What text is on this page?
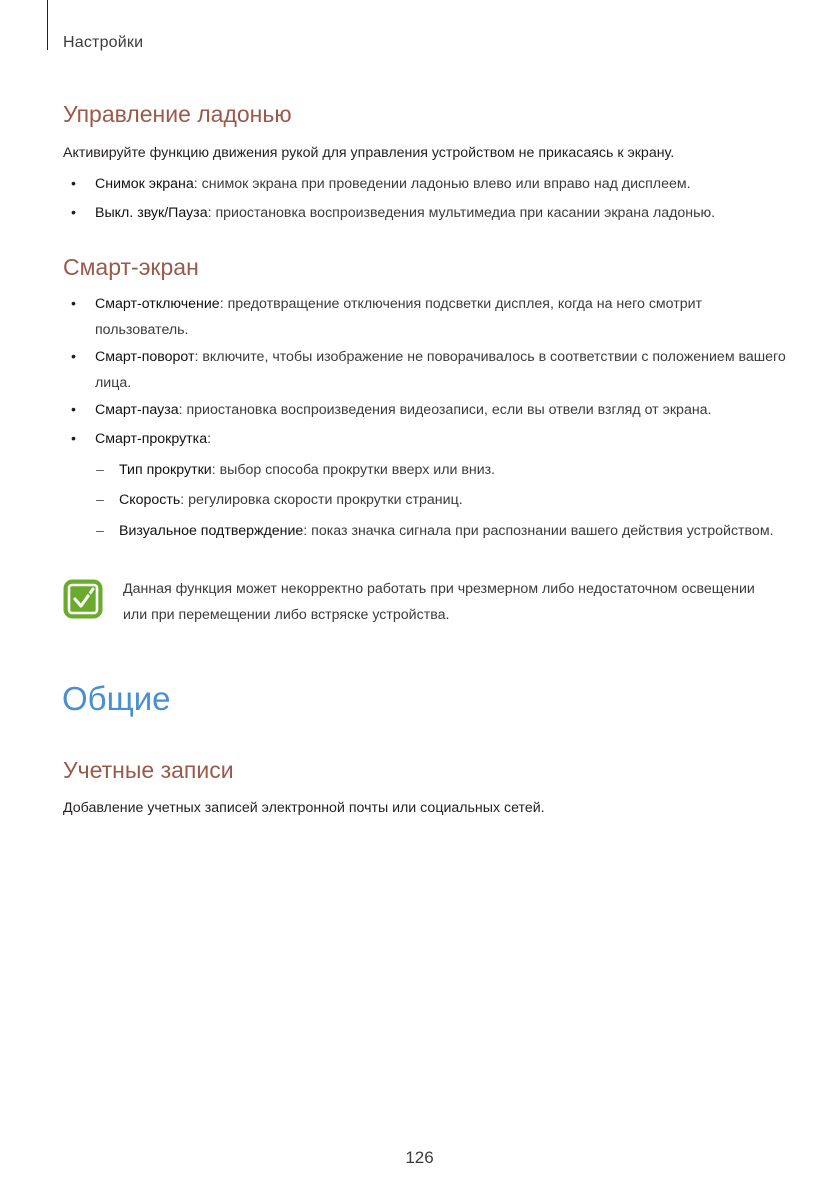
Настройки
Управление ладонью
Активируйте функцию движения рукой для управления устройством не прикасаясь к экрану.
• Снимок экрана: снимок экрана при проведении ладонью влево или вправо над дисплеем.
• Выкл. звук/Пауза: приостановка воспроизведения мультимедиа при касании экрана ладонью.
Смарт-экран
• Смарт-отключение: предотвращение отключения подсветки дисплея, когда на него смотрит пользователь.
• Смарт-поворот: включите, чтобы изображение не поворачивалось в соответствии с положением вашего лица.
• Смарт-пауза: приостановка воспроизведения видеозаписи, если вы отвели взгляд от экрана.
• Смарт-прокрутка:
– Тип прокрутки: выбор способа прокрутки вверх или вниз.
– Скорость: регулировка скорости прокрутки страниц.
– Визуальное подтверждение: показ значка сигнала при распознании вашего действия устройством.
Данная функция может некорректно работать при чрезмерном либо недостаточном освещении или при перемещении либо встряске устройства.
Общие
Учетные записи
Добавление учетных записей электронной почты или социальных сетей.
126
